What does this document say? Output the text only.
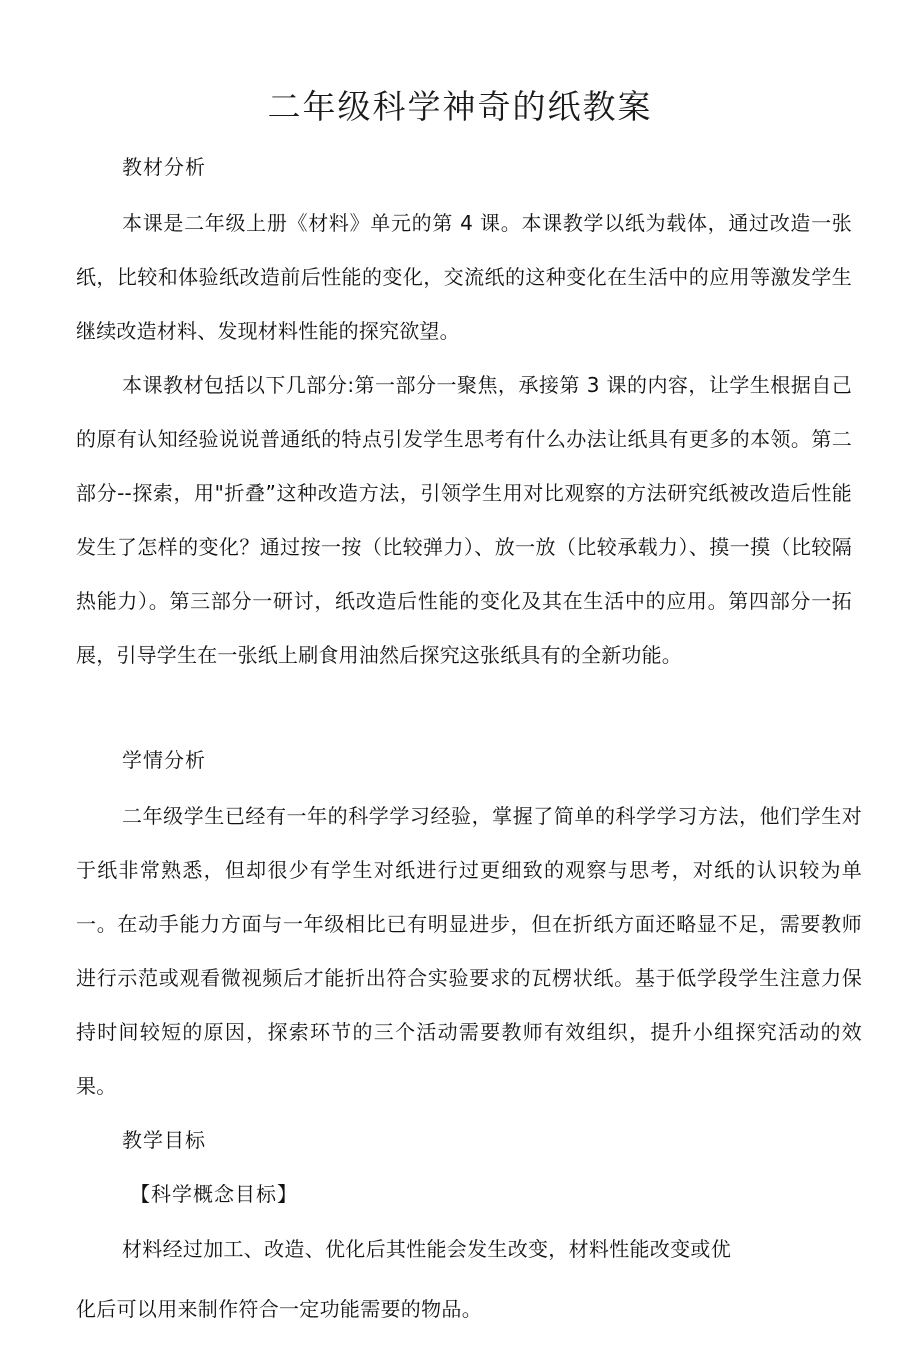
二年级科学神奇的纸教案
教材分析

本课是二年级上册《材料》单元的第 4 课。本课教学以纸为载体，通过改造一张纸，比较和体验纸改造前后性能的变化，交流纸的这种变化在生活中的应用等激发学生继续改造材料、发现材料性能的探究欲望。

本课教材包括以下几部分:第一部分一聚焦，承接第 3 课的内容，让学生根据自己的原有认知经验说说普通纸的特点引发学生思考有什么办法让纸具有更多的本领。第二部分--探索，用"折叠”这种改造方法，引领学生用对比观察的方法研究纸被改造后性能发生了怎样的变化？通过按一按（比较弹力）、放一放（比较承载力）、摸一摸（比较隔热能力）。第三部分一研讨，纸改造后性能的变化及其在生活中的应用。第四部分一拓展，引导学生在一张纸上刷食用油然后探究这张纸具有的全新功能。

学情分析

二年级学生已经有一年的科学学习经验，掌握了简单的科学学习方法，他们学生对于纸非常熟悉，但却很少有学生对纸进行过更细致的观察与思考，对纸的认识较为单一。在动手能力方面与一年级相比已有明显进步，但在折纸方面还略显不足，需要教师进行示范或观看微视频后才能折出符合实验要求的瓦楞状纸。基于低学段学生注意力保持时间较短的原因，探索环节的三个活动需要教师有效组织，提升小组探究活动的效果。

教学目标
【科学概念目标】

材料经过加工、改造、优化后其性能会发生改变，材料性能改变或优

化后可以用来制作符合一定功能需要的物品。
